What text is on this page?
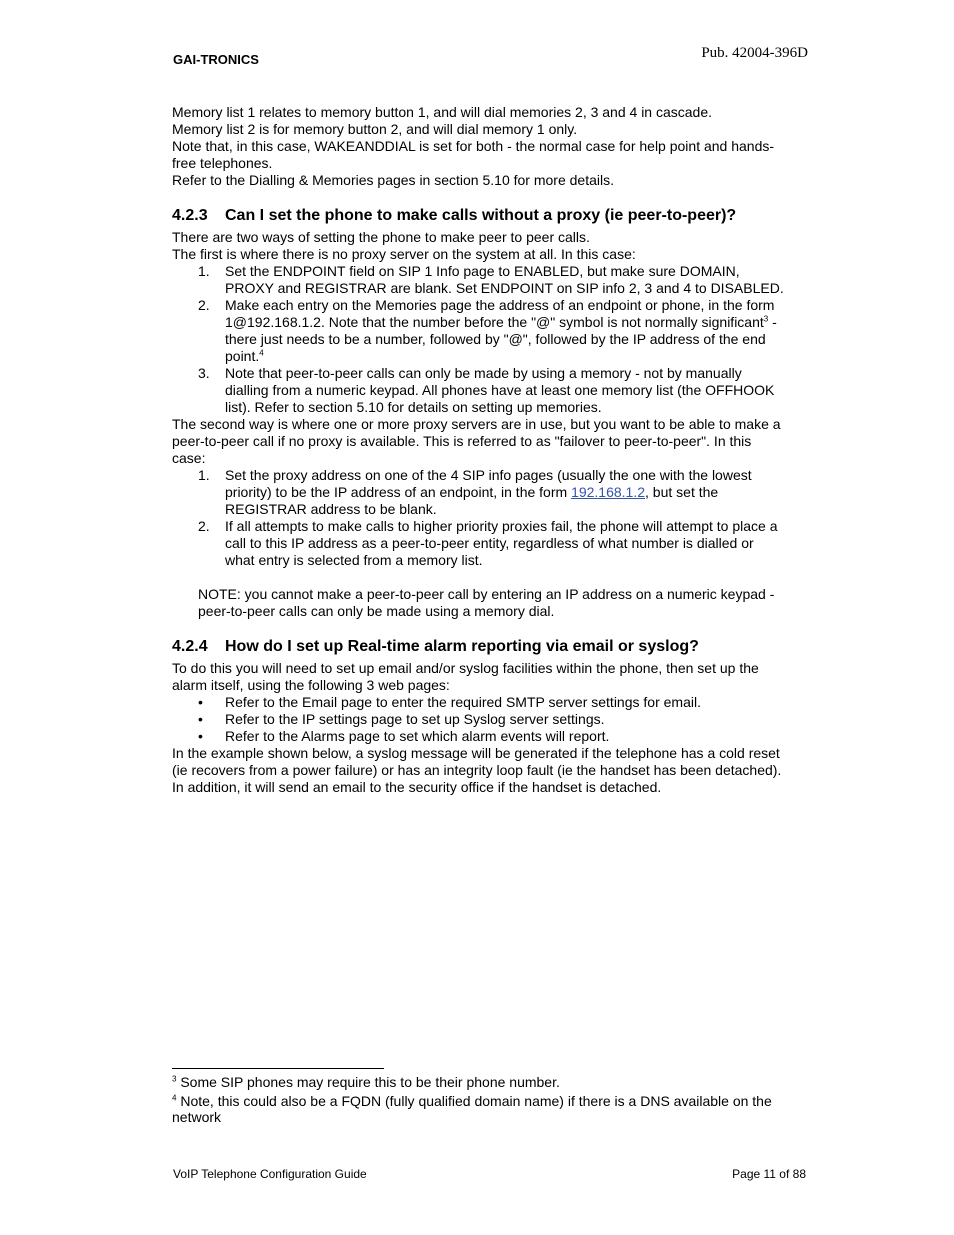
GAI-TRONICS	Pub. 42004-396D

Memory list 1 relates to memory button 1, and will dial memories 2, 3 and 4 in cascade.

Memory list 2 is for memory button 2, and will dial memory 1 only.

Note that, in this case, WAKEANDDIAL is set for both - the normal case for help point and hands-free telephones.

Refer to the Dialling & Memories pages in section 5.10 for more details.

4.2.3	Can I set the phone to make calls without a proxy (ie peer-to-peer)?

There are two ways of setting the phone to make peer to peer calls.

The first is where there is no proxy server on the system at all. In this case:

1.	Set the ENDPOINT field on SIP 1 Info page to ENABLED, but make sure DOMAIN, PROXY and REGISTRAR are blank. Set ENDPOINT on SIP info 2, 3 and 4 to DISABLED.
2.	Make each entry on the Memories page the address of an endpoint or phone, in the form 1@192.168.1.2. Note that the number before the "@" symbol is not normally significant$^3$ - there just needs to be a number, followed by "@", followed by the IP address of the end point.$^4$
3.	Note that peer-to-peer calls can only be made by using a memory - not by manually dialling from a numeric keypad. All phones have at least one memory list (the OFFHOOK list). Refer to section 5.10 for details on setting up memories.

The second way is where one or more proxy servers are in use, but you want to be able to make a peer-to-peer call if no proxy is available. This is referred to as "failover to peer-to-peer". In this case:

1.	Set the proxy address on one of the 4 SIP info pages (usually the one with the lowest priority) to be the IP address of an endpoint, in the form 192.168.1.2, but set the REGISTRAR address to be blank.
2.	If all attempts to make calls to higher priority proxies fail, the phone will attempt to place a call to this IP address as a peer-to-peer entity, regardless of what number is dialled or what entry is selected from a memory list.

NOTE: you cannot make a peer-to-peer call by entering an IP address on a numeric keypad - peer-to-peer calls can only be made using a memory dial.

4.2.4	How do I set up Real-time alarm reporting via email or syslog?

To do this you will need to set up email and/or syslog facilities within the phone, then set up the alarm itself, using the following 3 web pages:

•	Refer to the Email page to enter the required SMTP server settings for email.
•	Refer to the IP settings page to set up Syslog server settings.
•	Refer to the Alarms page to set which alarm events will report.

In the example shown below, a syslog message will be generated if the telephone has a cold reset (ie recovers from a power failure) or has an integrity loop fault (ie the handset has been detached). In addition, it will send an email to the security office if the handset is detached.

$^3$ Some SIP phones may require this to be their phone number.
$^4$ Note, this could also be a FQDN (fully qualified domain name) if there is a DNS available on the network
VoIP Telephone Configuration Guide	Page 11 of 88
